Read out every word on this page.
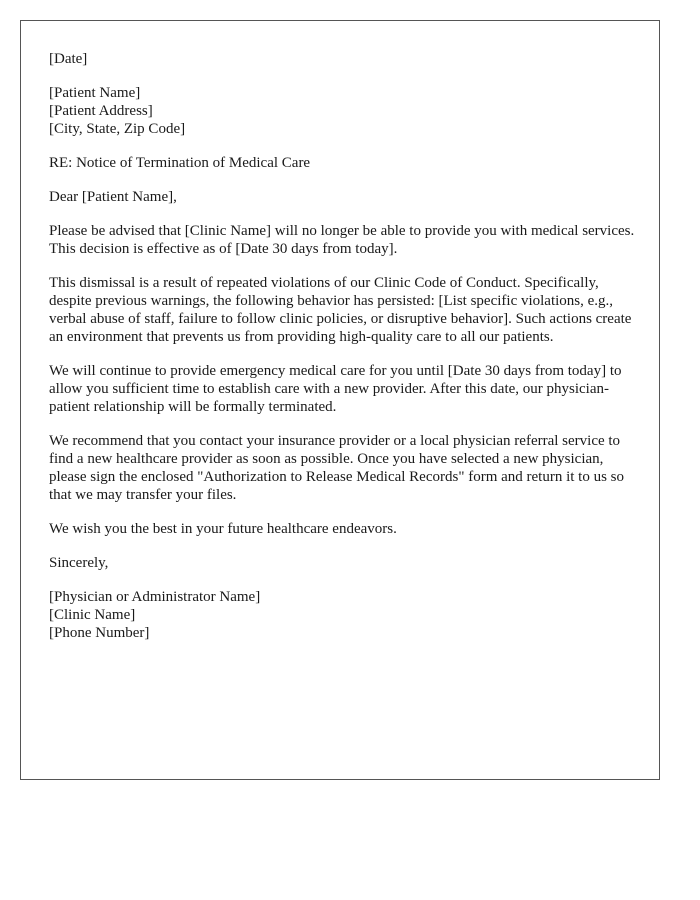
[Date]
[Patient Name]
[Patient Address]
[City, State, Zip Code]
RE: Notice of Termination of Medical Care
Dear [Patient Name],

Please be advised that [Clinic Name] will no longer be able to provide you with medical services. This decision is effective as of [Date 30 days from today].

This dismissal is a result of repeated violations of our Clinic Code of Conduct. Specifically, despite previous warnings, the following behavior has persisted: [List specific violations, e.g., verbal abuse of staff, failure to follow clinic policies, or disruptive behavior]. Such actions create an environment that prevents us from providing high-quality care to all our patients.

We will continue to provide emergency medical care for you until [Date 30 days from today] to allow you sufficient time to establish care with a new provider. After this date, our physician-patient relationship will be formally terminated.

We recommend that you contact your insurance provider or a local physician referral service to find a new healthcare provider as soon as possible. Once you have selected a new physician, please sign the enclosed "Authorization to Release Medical Records" form and return it to us so that we may transfer your files.

We wish you the best in your future healthcare endeavors.

Sincerely,
[Physician or Administrator Name]
[Clinic Name]
[Phone Number]
